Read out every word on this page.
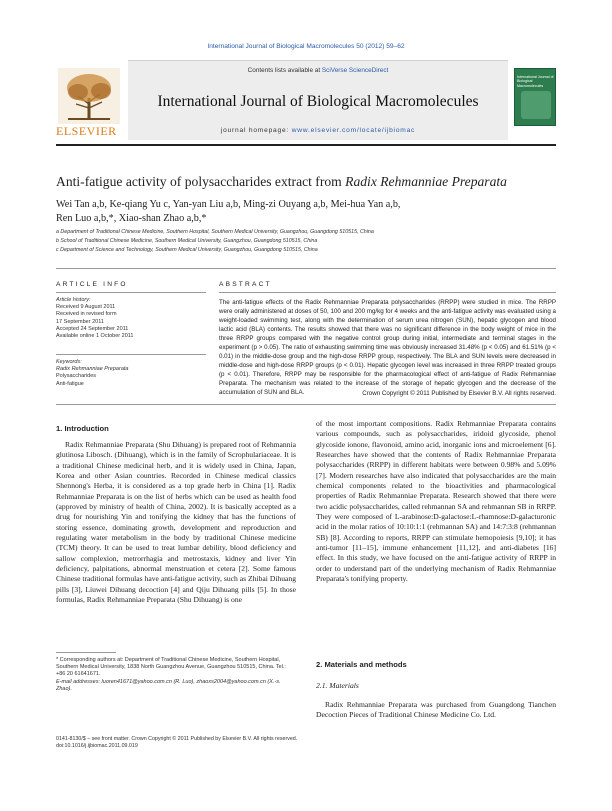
International Journal of Biological Macromolecules 50 (2012) 59–62
ELSEVIER
Contents lists available at SciVerse ScienceDirect
International Journal of Biological Macromolecules
journal homepage: www.elsevier.com/locate/ijbiomac
International Journal of Biological Macromolecules
Anti-fatigue activity of polysaccharides extract from Radix Rehmanniae Preparata
Wei Tan a,b, Ke-qiang Yu c, Yan-yan Liu a,b, Ming-zi Ouyang a,b, Mei-hua Yan a,b,
Ren Luo a,b,*, Xiao-shan Zhao a,b,*
a Department of Traditional Chinese Medicine, Southern Hospital, Southern Medical University, Guangzhou, Guangdong 510515, China
b School of Traditional Chinese Medicine, Southern Medical University, Guangzhou, Guangdong 510515, China
c Department of Science and Technology, Southern Medical University, Guangzhou, Guangdong 510515, China
ARTICLE INFO
Article history:
Received 9 August 2011
Received in revised form
17 September 2011
Accepted 24 September 2011
Available online 1 October 2011
Keywords:
Radix Rehmanniae Preparata
Polysaccharides
Anti-fatigue
ABSTRACT
The anti-fatigue effects of the Radix Rehmanniae Preparata polysaccharides (RRPP) were studied in mice. The RRPP were orally administered at doses of 50, 100 and 200 mg/kg for 4 weeks and the anti-fatigue activity was evaluated using a weight-loaded swimming test, along with the determination of serum urea nitrogen (SUN), hepatic glycogen and blood lactic acid (BLA) contents. The results showed that there was no significant difference in the body weight of mice in the three RRPP groups compared with the negative control group during initial, intermediate and terminal stages in the experiment (p > 0.05). The ratio of exhausting swimming time was obviously increased 31.48% (p < 0.05) and 61.51% (p < 0.01) in the middle-dose group and the high-dose RRPP group, respectively. The BLA and SUN levels were decreased in middle-dose and high-dose RRPP groups (p < 0.01). Hepatic glycogen level was increased in three RRPP treated groups (p < 0.01). Therefore, RRPP may be responsible for the pharmacological effect of anti-fatigue of Radix Rehmanniae Preparata. The mechanism was related to the increase of the storage of hepatic glycogen and the decrease of the accumulation of SUN and BLA.	Crown Copyright © 2011 Published by Elsevier B.V. All rights reserved.
1. Introduction

Radix Rehmanniae Preparata (Shu Dihuang) is prepared root of Rehmannia glutinosa Libosch. (Dihuang), which is in the family of Scrophulariaceae. It is a traditional Chinese medicinal herb, and it is widely used in China, Japan, Korea and other Asian countries. Recorded in Chinese medical classics Shennong's Herba, it is considered as a top grade herb in China [1]. Radix Rehmanniae Preparata is on the list of herbs which can be used as health food (approved by ministry of health of China, 2002). It is basically accepted as a drug for nourishing Yin and tonifying the kidney that has the functions of storing essence, dominating growth, development and reproduction and regulating water metabolism in the body by traditional Chinese medicine (TCM) theory. It can be used to treat lumbar debility, blood deficiency and sallow complexion, metrorrhagia and metrostaxis, kidney and liver Yin deficiency, palpitations, abnormal menstruation et cetera [2]. Some famous Chinese traditional formulas have anti-fatigue activity, such as Zhibai Dihuang pills [3], Liuwei Dihuang decoction [4] and Qiju Dihuang pills [5]. In those formulas, Radix Rehmanniae Preparata (Shu Dihuang) is one

of the most important compositions. Radix Rehmanniae Preparata contains various compounds, such as polysaccharides, iridoid glycoside, phenol glycoside ionone, flavonoid, amino acid, inorganic ions and microelement [6]. Researches have showed that the contents of Radix Rehmanniae Preparata polysaccharides (RRPP) in different habitats were between 0.98% and 5.09% [7]. Modern researches have also indicated that polysaccharides are the main chemical components related to the bioactivities and pharmacological properties of Radix Rehmanniae Preparata. Research showed that there were two acidic polysaccharides, called rehmannan SA and rehmannan SB in RRPP. They were composed of L-arabinose:D-galactose:L-rhamnose:D-galacturonic acid in the molar ratios of 10:10:1:1 (rehmannan SA) and 14:7:3:8 (rehmannan SB) [8]. According to reports, RRPP can stimulate hemopoiesis [9,10]; it has anti-tumor [11–15], immune enhancement [11,12], and anti-diabetes [16] effect. In this study, we have focused on the anti-fatigue activity of RRPP in order to understand part of the underlying mechanism of Radix Rehmanniae Preparata's tonifying property.

2. Materials and methods
2.1. Materials

Radix Rehmanniae Preparata was purchased from Guangdong Tianchen Decoction Pieces of Traditional Chinese Medicine Co. Ltd.

* Corresponding authors at: Department of Traditional Chinese Medicine, Southern Hospital, Southern Medical University, 1838 North Guangzhou Avenue, Guangzhou 510515, China. Tel.: +86 20 61641671.
E-mail addresses: luoren41671@yahoo.com.cn (R. Luo), zhaoxs2004@yahoo.com.cn (X.-s. Zhao).
0141-8130/$ – see front matter. Crown Copyright © 2011 Published by Elsevier B.V. All rights reserved.
doi:10.1016/j.ijbiomac.2011.09.019
